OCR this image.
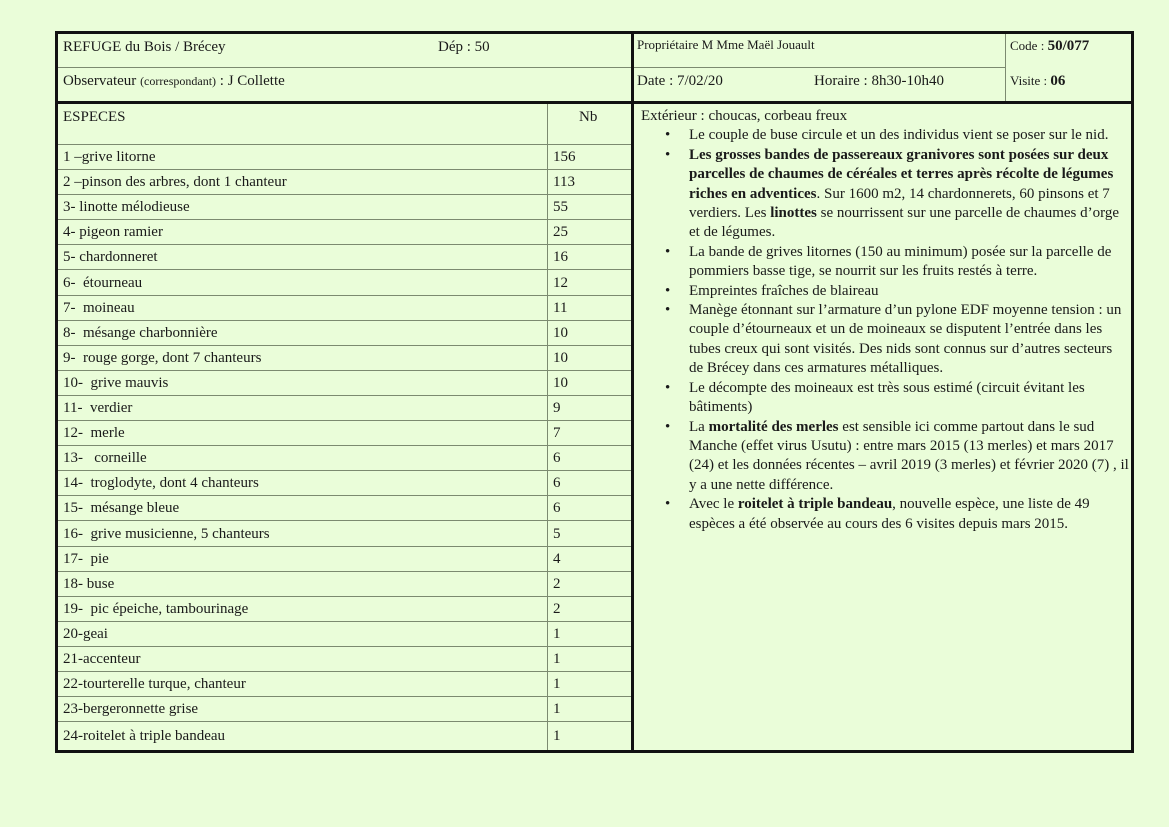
REFUGE du Bois / Brécey	Dép : 50
Observateur (correspondant) : J Collette
Propriétaire M Mme Maël Jouault
Date : 7/02/20	Horaire : 8h30-10h40
Code : 50/077
Visite : 06
ESPECES	Nb
1 –grive litorne	156
2 –pinson des arbres, dont 1 chanteur	113
3- linotte mélodieuse	55
4- pigeon ramier	25
5- chardonneret	16
6-  étourneau	12
7-  moineau	11
8-  mésange charbonnière	10
9-  rouge gorge, dont 7 chanteurs	10
10-  grive mauvis	10
11-  verdier	9
12-  merle	7
13-   corneille	6
14-  troglodyte, dont 4 chanteurs	6
15-  mésange bleue	6
16-  grive musicienne, 5 chanteurs	5
17-  pie	4
18- buse	2
19-  pic épeiche, tambourinage	2
20-geai	1
21-accenteur	1
22-tourterelle turque, chanteur	1
23-bergeronnette grise	1
24-roitelet à triple bandeau	1
Extérieur : choucas, corbeau freux
• Le couple de buse circule et un des individus vient se poser sur le nid.
• Les grosses bandes de passereaux granivores sont posées sur deux parcelles de chaumes de céréales et terres après récolte de légumes riches en adventices. Sur 1600 m2, 14 chardonnerets, 60 pinsons et 7 verdiers. Les linottes se nourrissent sur une parcelle de chaumes d’orge et de légumes.
• La bande de grives litornes (150 au minimum) posée sur la parcelle de pommiers basse tige, se nourrit sur les fruits restés à terre.
• Empreintes fraîches de blaireau
• Manège étonnant sur l’armature d’un pylone EDF moyenne tension : un couple d’étourneaux et un de moineaux se disputent l’entrée dans les tubes creux qui sont visités. Des nids sont connus sur d’autres secteurs de Brécey dans ces armatures métalliques.
• Le décompte des moineaux est très sous estimé (circuit évitant les bâtiments)
• La mortalité des merles est sensible ici comme partout dans le sud Manche (effet virus Usutu) : entre mars 2015 (13 merles) et mars 2017 (24) et les données récentes – avril 2019 (3 merles) et février 2020 (7) , il y a une nette différence.
• Avec le roitelet à triple bandeau, nouvelle espèce, une liste de 49 espèces a été observée au cours des 6 visites depuis mars 2015.
